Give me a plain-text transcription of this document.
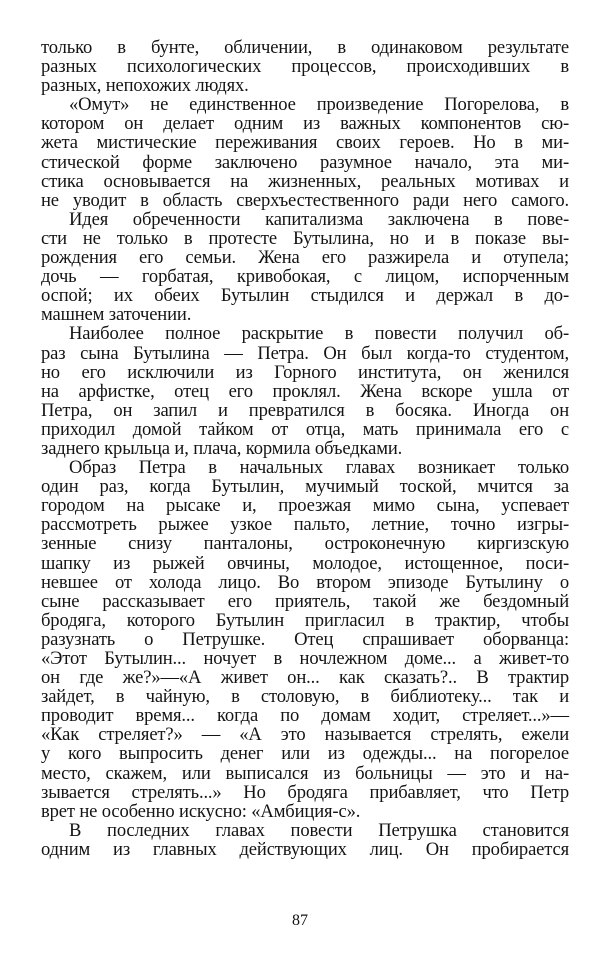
только в бунте, обличении, в одинаковом результате
разных психологических процессов, происходивших в
разных, непохожих людях.
«Омут» не единственное произведение Погорелова, в
котором он делает одним из важных компонентов сю-
жета мистические переживания своих героев. Но в ми-
стической форме заключено разумное начало, эта ми-
стика основывается на жизненных, реальных мотивах и
не уводит в область сверхъестественного ради него самого.
Идея обреченности капитализма заключена в пове-
сти не только в протесте Бутылина, но и в показе вы-
рождения его семьи. Жена его разжирела и отупела;
дочь — горбатая, кривобокая, с лицом, испорченным
оспой; их обеих Бутылин стыдился и держал в до-
машнем заточении.
Наиболее полное раскрытие в повести получил об-
раз сына Бутылина — Петра. Он был когда-то студентом,
но его исключили из Горного института, он женился
на арфистке, отец его проклял. Жена вскоре ушла от
Петра, он запил и превратился в босяка. Иногда он
приходил домой тайком от отца, мать принимала его с
заднего крыльца и, плача, кормила объедками.
Образ Петра в начальных главах возникает только
один раз, когда Бутылин, мучимый тоской, мчится за
городом на рысаке и, проезжая мимо сына, успевает
рассмотреть рыжее узкое пальто, летние, точно изгры-
зенные снизу панталоны, остроконечную киргизскую
шапку из рыжей овчины, молодое, истощенное, поси-
невшее от холода лицо. Во втором эпизоде Бутылину о
сыне рассказывает его приятель, такой же бездомный
бродяга, которого Бутылин пригласил в трактир, чтобы
разузнать о Петрушке. Отец спрашивает оборванца:
«Этот Бутылин... ночует в ночлежном доме... а живет-то
он где же?»—«А живет он... как сказать?.. В трактир
зайдет, в чайную, в столовую, в библиотеку... так и
проводит время... когда по домам ходит, стреляет...»—
«Как стреляет?» — «А это называется стрелять, ежели
у кого выпросить денег или из одежды... на погорелое
место, скажем, или выписался из больницы — это и на-
зывается стрелять...» Но бродяга прибавляет, что Петр
врет не особенно искусно: «Амбиция-с».
В последних главах повести Петрушка становится
одним из главных действующих лиц. Он пробирается
87
